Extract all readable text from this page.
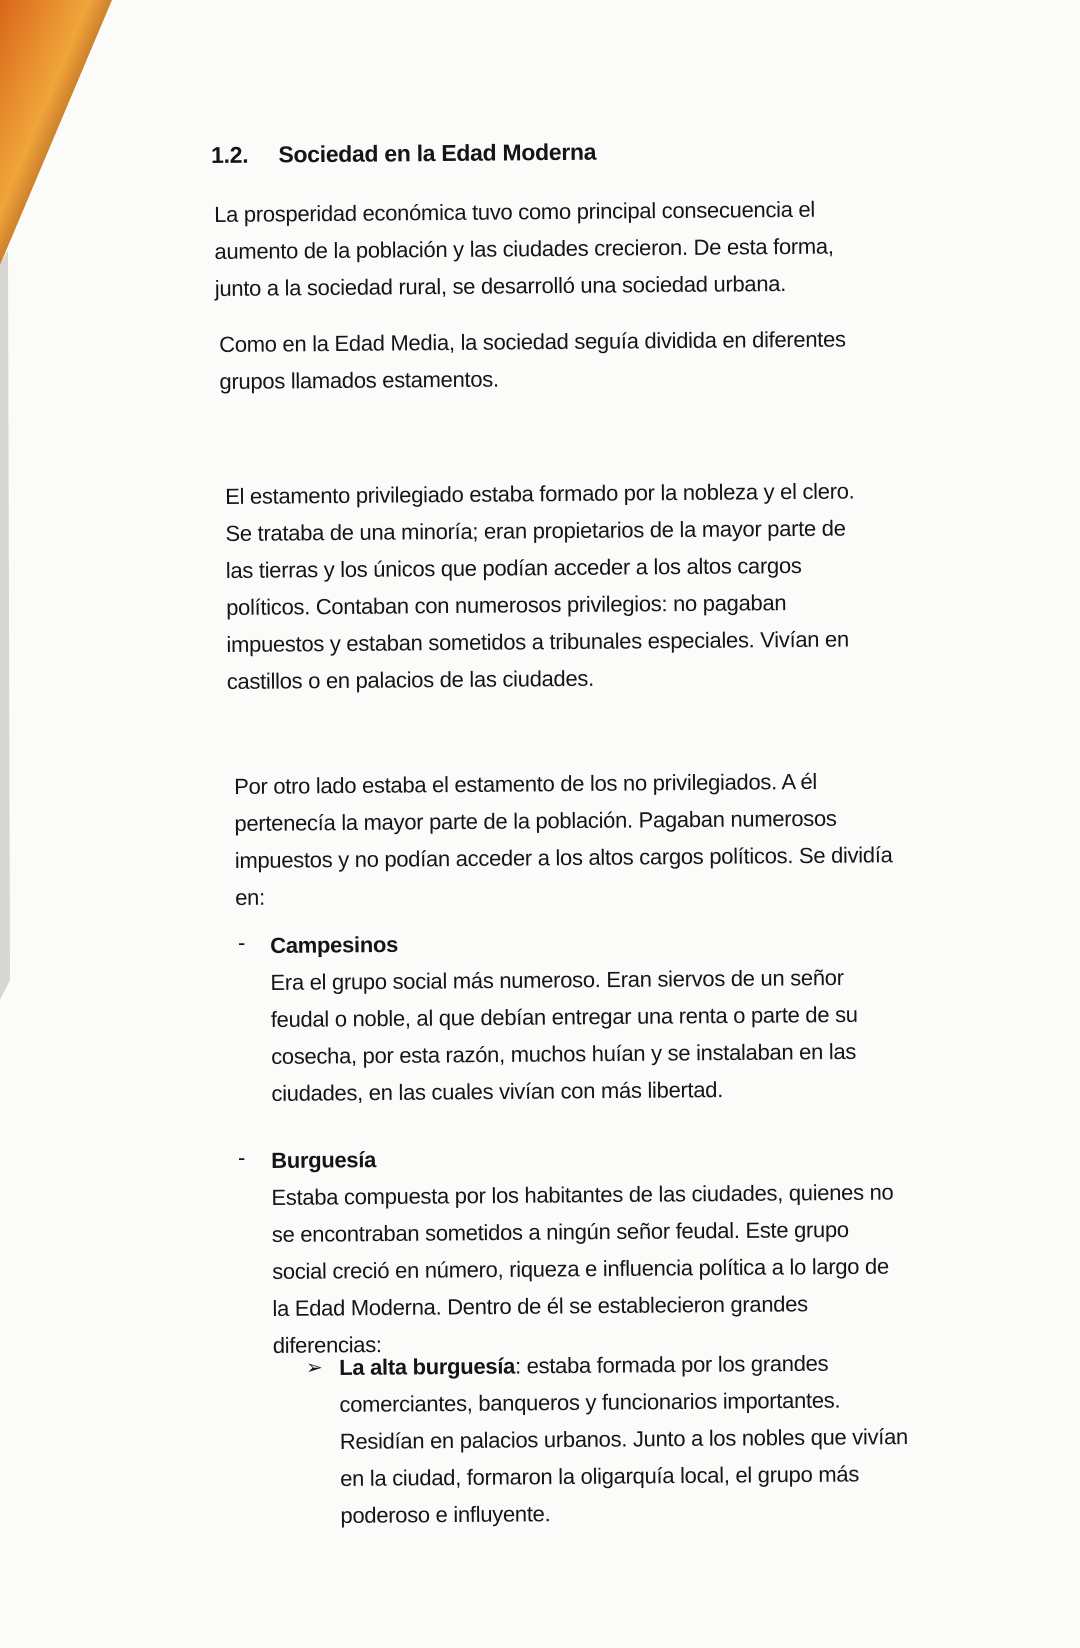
1.2. Sociedad en la Edad Moderna
La prosperidad económica tuvo como principal consecuencia el
aumento de la población y las ciudades crecieron. De esta forma,
junto a la sociedad rural, se desarrolló una sociedad urbana.
Como en la Edad Media, la sociedad seguía dividida en diferentes
grupos llamados estamentos.
El estamento privilegiado estaba formado por la nobleza y el clero.
Se trataba de una minoría; eran propietarios de la mayor parte de
las tierras y los únicos que podían acceder a los altos cargos
políticos. Contaban con numerosos privilegios: no pagaban
impuestos y estaban sometidos a tribunales especiales. Vivían en
castillos o en palacios de las ciudades.
Por otro lado estaba el estamento de los no privilegiados. A él
pertenecía la mayor parte de la población. Pagaban numerosos
impuestos y no podían acceder a los altos cargos políticos. Se dividía
en:
- Campesinos
Era el grupo social más numeroso. Eran siervos de un señor
feudal o noble, al que debían entregar una renta o parte de su
cosecha, por esta razón, muchos huían y se instalaban en las
ciudades, en las cuales vivían con más libertad.
- Burguesía
Estaba compuesta por los habitantes de las ciudades, quienes no
se encontraban sometidos a ningún señor feudal. Este grupo
social creció en número, riqueza e influencia política a lo largo de
la Edad Moderna. Dentro de él se establecieron grandes
diferencias:
➢ La alta burguesía: estaba formada por los grandes
comerciantes, banqueros y funcionarios importantes.
Residían en palacios urbanos. Junto a los nobles que vivían
en la ciudad, formaron la oligarquía local, el grupo más
poderoso e influyente.
